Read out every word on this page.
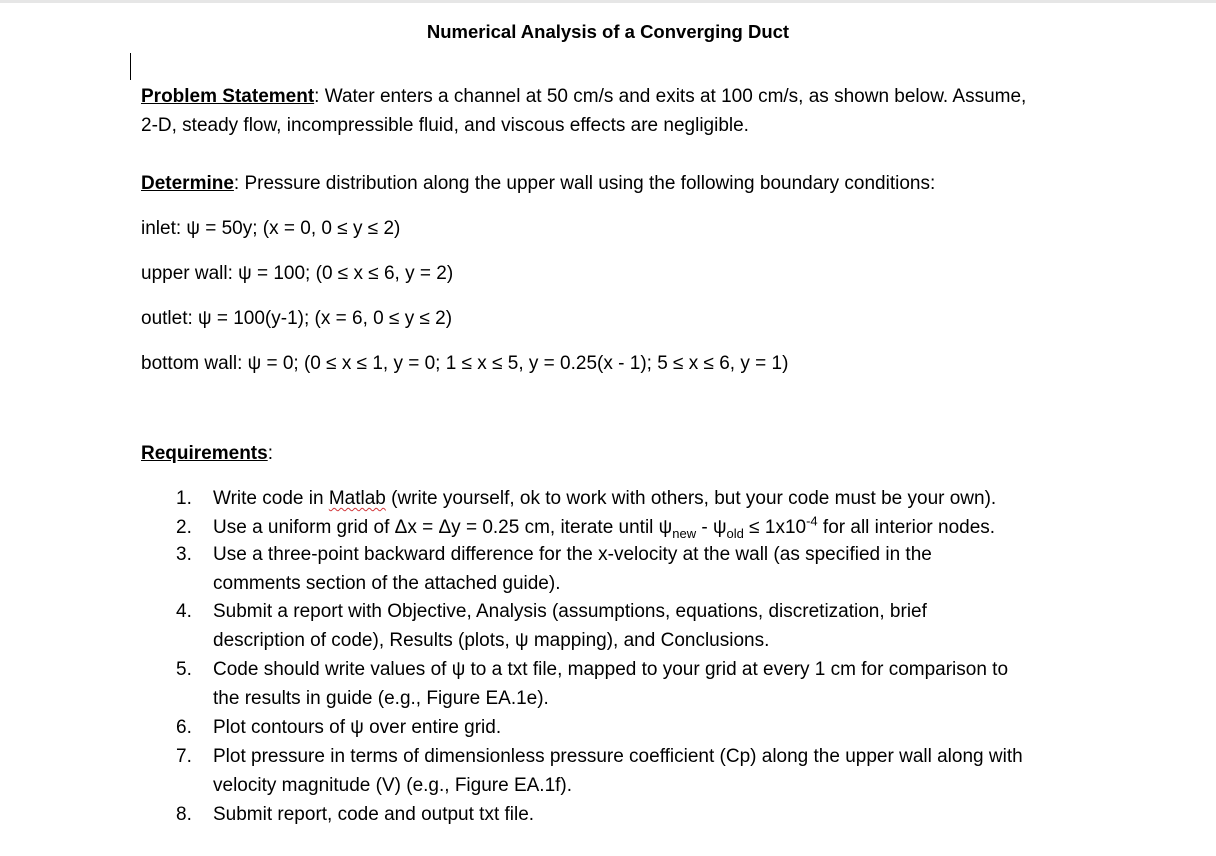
Numerical Analysis of a Converging Duct
Problem Statement: Water enters a channel at 50 cm/s and exits at 100 cm/s, as shown below. Assume,
2-D, steady flow, incompressible fluid, and viscous effects are negligible.
Determine: Pressure distribution along the upper wall using the following boundary conditions:
inlet: ψ = 50y; (x = 0, 0 ≤ y ≤ 2)
upper wall: ψ = 100; (0 ≤ x ≤ 6, y = 2)
outlet: ψ = 100(y-1); (x = 6, 0 ≤ y ≤ 2)
bottom wall: ψ = 0; (0 ≤ x ≤ 1, y = 0; 1 ≤ x ≤ 5, y = 0.25(x - 1); 5 ≤ x ≤ 6, y = 1)
Requirements:
1.	Write code in Matlab (write yourself, ok to work with others, but your code must be your own).
2.	Use a uniform grid of Δx = Δy = 0.25 cm, iterate until $\psi_{new} - \psi_{old} \le 1x10^{-4}$ for all interior nodes.
3.	Use a three-point backward difference for the x-velocity at the wall (as specified in the
comments section of the attached guide).
4.	Submit a report with Objective, Analysis (assumptions, equations, discretization, brief
description of code), Results (plots, ψ mapping), and Conclusions.
5.	Code should write values of ψ to a txt file, mapped to your grid at every 1 cm for comparison to
the results in guide (e.g., Figure EA.1e).
6.	Plot contours of ψ over entire grid.
7.	Plot pressure in terms of dimensionless pressure coefficient (Cp) along the upper wall along with
velocity magnitude (V) (e.g., Figure EA.1f).
8.	Submit report, code and output txt file.
